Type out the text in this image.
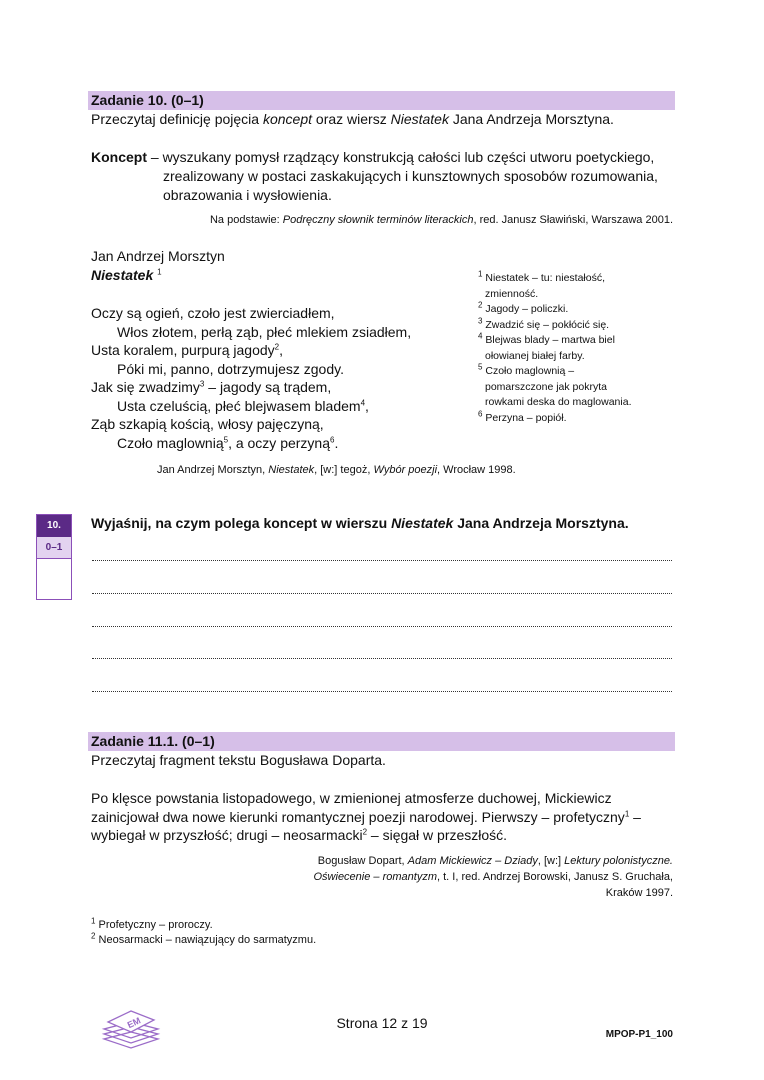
Zadanie 10. (0–1)
Przeczytaj definicję pojęcia koncept oraz wiersz Niestatek Jana Andrzeja Morsztyna.
Koncept – wyszukany pomysł rządzący konstrukcją całości lub części utworu poetyckiego,
zrealizowany w postaci zaskakujących i kunsztownych sposobów rozumowania,
obrazowania i wysłowienia.
Na podstawie: Podręczny słownik terminów literackich, red. Janusz Sławiński, Warszawa 2001.
Jan Andrzej Morsztyn
Niestatek $^1$
Oczy są ogień, czoło jest zwierciadłem,
Włos złotem, perłą ząb, płeć mlekiem zsiadłem,
Usta koralem, purpurą jagody$^2$,
Póki mi, panno, dotrzymujesz zgody.
Jak się zwadzimy$^3$ – jagody są trądem,
Usta czeluścią, płeć blejwasem bladem$^4$,
Ząb szkapią kością, włosy pajęczyną,
Czoło maglownią$^5$, a oczy perzyną$^6$.
$^1$ Niestatek – tu: niestałość,
zmienność.
$^2$ Jagody – policzki.
$^3$ Zwadzić się – pokłócić się.
$^4$ Blejwas blady – martwa biel
ołowianej białej farby.
$^5$ Czoło maglownią –
pomarszczone jak pokryta
rowkami deska do maglowania.
$^6$ Perzyna – popiół.
Jan Andrzej Morsztyn, Niestatek, [w:] tegoż, Wybór poezji, Wrocław 1998.
10.
0–1
Wyjaśnij, na czym polega koncept w wierszu Niestatek Jana Andrzeja Morsztyna.
Zadanie 11.1. (0–1)
Przeczytaj fragment tekstu Bogusława Doparta.
Po klęsce powstania listopadowego, w zmienionej atmosferze duchowej, Mickiewicz
zainicjował dwa nowe kierunki romantycznej poezji narodowej. Pierwszy – profetyczny$^1$ –
wybiegał w przyszłość; drugi – neosarmacki$^2$ – sięgał w przeszłość.
Bogusław Dopart, Adam Mickiewicz – Dziady, [w:] Lektury polonistyczne.
Oświecenie – romantyzm, t. I, red. Andrzej Borowski, Janusz S. Gruchała,
Kraków 1997.
$^1$ Profetyczny – proroczy.
$^2$ Neosarmacki – nawiązujący do sarmatyzmu.
EM	Strona 12 z 19
MPOP-P1_100
